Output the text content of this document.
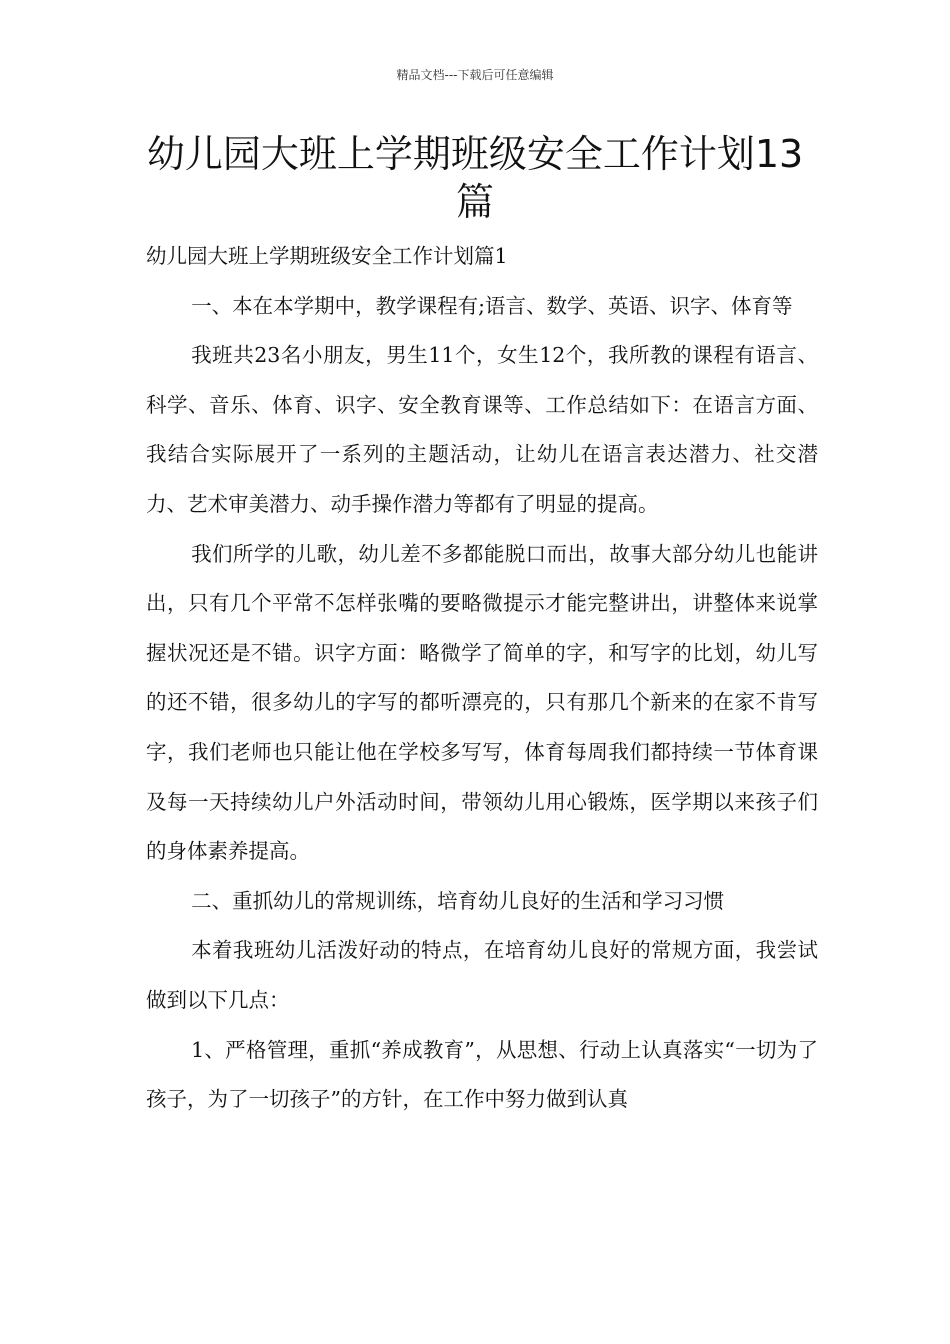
精品文档---下载后可任意编辑
幼儿园大班上学期班级安全工作计划13篇

幼儿园大班上学期班级安全工作计划篇1

一、本在本学期中，教学课程有;语言、数学、英语、识字、体育等

我班共23名小朋友，男生11个，女生12个，我所教的课程有语言、科学、音乐、体育、识字、安全教育课等、工作总结如下：在语言方面、我结合实际展开了一系列的主题活动，让幼儿在语言表达潜力、社交潜力、艺术审美潜力、动手操作潜力等都有了明显的提高。

我们所学的儿歌，幼儿差不多都能脱口而出，故事大部分幼儿也能讲出，只有几个平常不怎样张嘴的要略微提示才能完整讲出，讲整体来说掌握状况还是不错。识字方面：略微学了简单的字，和写字的比划，幼儿写的还不错，很多幼儿的字写的都听漂亮的，只有那几个新来的在家不肯写字，我们老师也只能让他在学校多写写，体育每周我们都持续一节体育课及每一天持续幼儿户外活动时间，带领幼儿用心锻炼，医学期以来孩子们的身体素养提高。

二、重抓幼儿的常规训练，培育幼儿良好的生活和学习习惯

本着我班幼儿活泼好动的特点，在培育幼儿良好的常规方面，我尝试做到以下几点：

1、严格管理，重抓“养成教育”，从思想、行动上认真落实“一切为了孩子，为了一切孩子”的方针，在工作中努力做到认真
